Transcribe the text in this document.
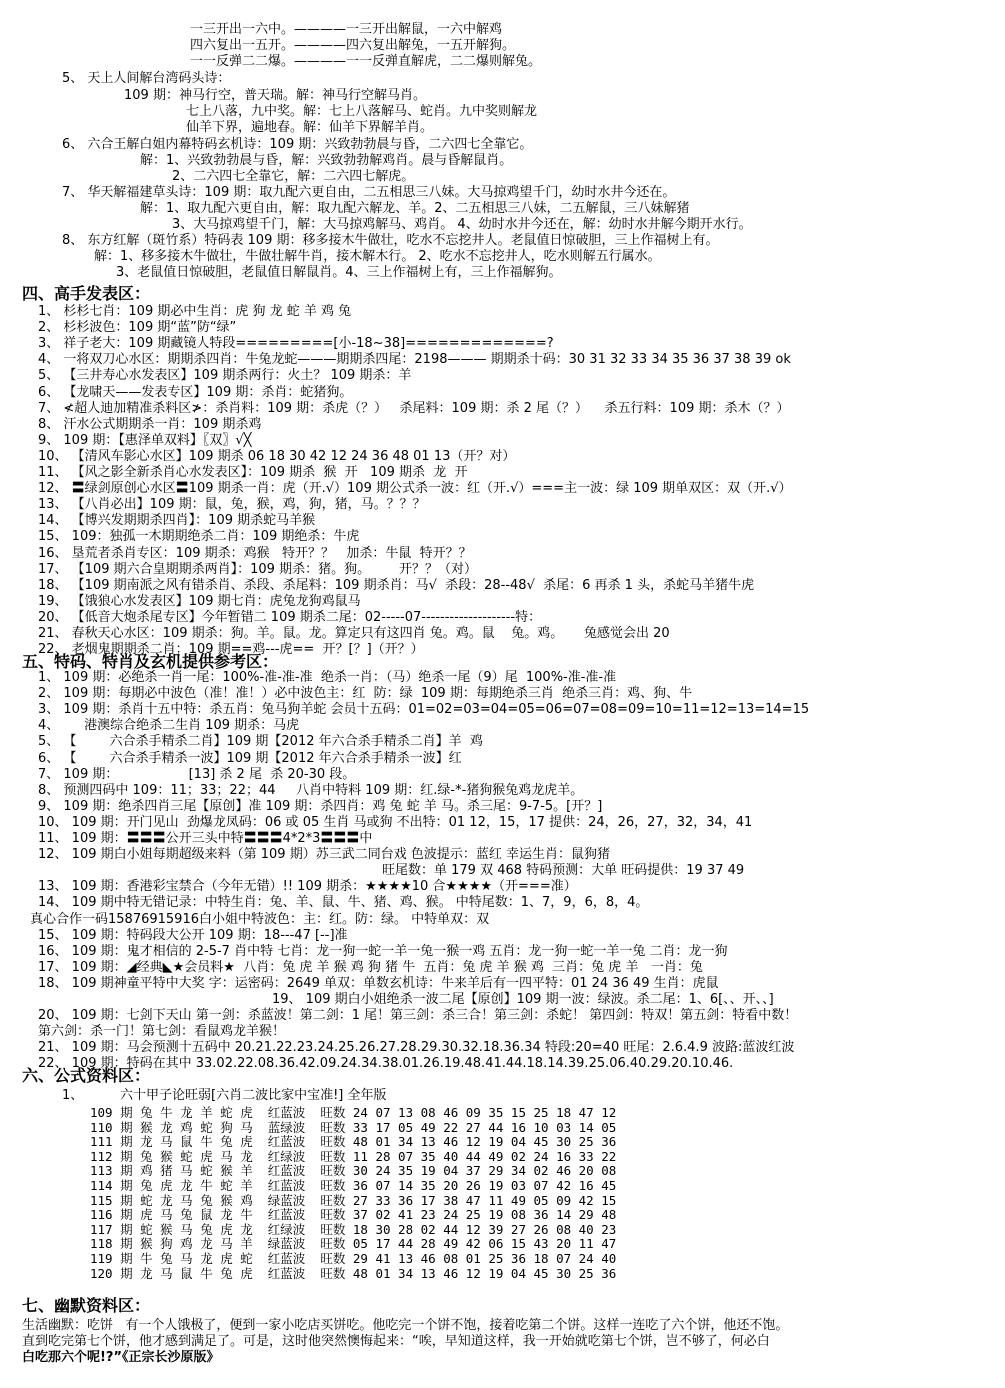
一三开出一六中。————一三开出解鼠，一六中解鸡
四六复出一五开。————四六复出解兔，一五开解狗。
一一反弹二二爆。————一一反弹直解虎，二二爆则解兔。
5、 天上人间解台湾码头诗：
109 期：神马行空，普天瑞。解：神马行空解马肖。
七上八落，九中奖。解：七上八落解马、蛇肖。九中奖则解龙
仙羊下界，遍地春。解：仙羊下界解羊肖。
6、 六合王解白姐内幕特码玄机诗：109 期：兴致勃勃晨与昏，二六四七全靠它。
解：1、兴致勃勃晨与昏，解：兴致勃勃解鸡肖。晨与昏解鼠肖。
2、二六四七全靠它，解：二六四七解虎。
7、 华天解福建草头诗：109 期：取九配六更自由，二五相思三八妹。大马掠鸡望千门，幼时水井今还在。
解：1、取九配六更自由，解：取九配六解龙、羊。2、二五相思三八妹，二五解鼠，三八妹解猪
3、大马掠鸡望千门，解：大马掠鸡解马、鸡肖。 4、幼时水井今还在，解：幼时水井解今期开水行。
8、 东方红解（斑竹系）特码表 109 期：移多接木牛做壮，吃水不忘挖井人。老鼠值日惊破胆，三上作福树上有。
解：1、移多接木牛做壮，牛做壮解牛肖，接木解木行。 2、吃水不忘挖井人，吃水则解五行属水。
3、老鼠值日惊破胆，老鼠值日解鼠肖。4、三上作福树上有，三上作福解狗。
四、高手发表区：
1、 杉杉七肖：109 期必中生肖：虎 狗 龙 蛇 羊 鸡 兔
2、 杉杉波色：109 期“蓝”防“绿”
3、 祥子老大：109 期藏镜人特段=========[小-18~38]=============?
4、 一将双刀心水区：期期杀四肖：牛兔龙蛇———期期杀四尾：2198——— 期期杀十码：30 31 32 33 34 35 36 37 38 39 ok
5、 【三井寿心水发表区】109 期杀两行：火土？ 109 期杀：羊
6、 【龙啸天——发表专区】109 期：杀肖：蛇猪狗。
7、 ≮超人迪加精准杀料区≯：杀肖料：109 期：杀虎（？）   杀尾料：109 期：杀 2 尾（？）    杀五行料：109 期：杀木（？）
8、 汗水公式期期杀一肖：109 期杀鸡
9、 109 期：【惠泽单双料】〖双〗√╳
10、 【清风车影心水区】109 期杀 06 18 30 42 12 24 36 48 01 13（开？对）
11、 【风之影全新杀肖心水发表区】：109 期杀  猴  开   109 期杀  龙  开
12、 〓绿剑原创心水区〓109 期杀一肖：虎（开.√）109 期公式杀一波：红（开.√）===主一波：绿 109 期单双区：双（开.√）
13、 【八肖必出】109 期：鼠，兔，猴，鸡，狗，猪，马。？？？
14、 【博兴发期期杀四肖】：109 期杀蛇马羊猴
15、 109：独孤一木期期绝杀二肖：109 期绝杀：牛虎
16、 垦荒者杀肖专区：109 期杀：鸡猴   特开？？   加杀：牛鼠  特开？？
17、 【109 期六合皇期期杀两肖】：109 期杀：猪。狗。       开？？（对）
18、 【109 期南派之风有错杀肖、杀段、杀尾料：109 期杀肖：马√  杀段：28--48√  杀尾：6 再杀 1 头，杀蛇马羊猪牛虎
19、 【饿狼心水发表区】109 期七肖：虎兔龙狗鸡鼠马
20、 【低音大炮杀尾专区】今年暂错二 109 期杀二尾：02-----07--------------------特：
21、 春秋天心水区：109 期杀：狗。羊。鼠。龙。算定只有这四肖 兔。鸡。鼠    兔。鸡。     兔感觉会出 20
22、 老烟鬼期期杀二肖：109 期==鸡---虎==  开？[？]（开？）
五、特码、特肖及玄机提供参考区：
1、 109 期：必绝杀一肖一尾：100%-准-准-准  绝杀一肖：（马）绝杀一尾（9）尾  100%-准-准-准
2、 109 期：每期必中波色（准！准！）必中波色主：红  防：绿  109 期：每期绝杀三肖  绝杀三肖：鸡、狗、牛
3、 109 期：杀肖十五中特：杀五肖：兔马狗羊蛇 会员十五码：01=02=03=04=05=06=07=08=09=10=11=12=13=14=15
4、      港澳综合绝杀二生肖 109 期杀：马虎
5、 【        六合杀手精杀二肖】109 期【2012 年六合杀手精杀二肖】羊  鸡
6、 【        六合杀手精杀一波】109 期【2012 年六合杀手精杀一波】红
7、 109 期：                 [13] 杀 2 尾  杀 20-30 段。
8、 预测四码中 109：11；33；22；44     八肖中特料 109 期：红.绿-*-猪狗猴兔鸡龙虎羊。
9、 109 期：绝杀四肖三尾【原创】准 109 期：杀四肖：鸡 兔 蛇 羊 马。杀三尾：9-7-5。[开？]
10、 109 期：开门见山  劲爆龙凤码：06 或 05 生肖 马或狗 不出特：01 12，15，17 提供：24，26，27，32，34，41
11、 109 期：〓〓〓公开三头中特〓〓〓4*2*3〓〓〓中
12、 109 期白小姐每期超级来料（第 109 期）苏三武二同台戏 色波提示：蓝红 幸运生肖：鼠狗猪
旺尾数：单 179 双 468 特码预测：大单 旺码提供：19 37 49
13、 109 期：香港彩宝禁合（今年无错）!! 109 期杀：★★★★10 合★★★★（开===准）
14、 109 期中特无错记录：中特生肖：兔、羊、鼠、牛、猪、鸡、猴。 中特尾数：1、7，9，6，8，4。
真心合作一码15876915916白小姐中特波色：主：红。防：绿。 中特单双：双
15、 109 期：特码段大公开 109 期：18---47 [--]准
16、 109 期：鬼才相信的 2-5-7 肖中特 七肖：龙一狗一蛇一羊一兔一猴一鸡 五肖：龙一狗一蛇一羊一兔 二肖：龙一狗
17、 109 期：◢经典◣★会员料★  八肖：兔 虎 羊 猴 鸡 狗 猪 牛  五肖：兔 虎 羊 猴 鸡  三肖：兔 虎 羊   一肖：兔
18、 109 期神童平特中大奖 字：运密码：2649 单双：单数玄机诗：牛来羊后有一四平特：01 24 36 49 生肖：虎鼠
19、 109 期白小姐绝杀一波二尾【原创】109 期一波：绿波。杀二尾：1、6[、、开、、]
20、 109 期：七剑下天山 第一剑：杀蓝波！第二剑：1 尾！第三剑：杀三合！第三剑：杀蛇！ 第四剑：特双！第五剑：特看中数！
第六剑：杀一门！第七剑：看鼠鸡龙羊猴！
21、 109 期：马会预测十五码中 20.21.22.23.24.25.26.27.28.29.30.32.18.36.34 特段:20=40 旺尾：2.6.4.9 波路:蓝波红波
22、 109 期：特码在其中 33.02.22.08.36.42.09.24.34.38.01.26.19.48.41.44.18.14.39.25.06.40.29.20.10.46.
六、公式资料区：
1、	六十甲子论旺弱[六肖二波比家中宝准!] 全年版
109 期 兔 牛 龙 羊 蛇 虎  红蓝波  旺数 24 07 13 08 46 09 35 15 25 18 47 12
110 期 猴 龙 鸡 蛇 狗 马  蓝绿波  旺数 33 17 05 49 22 27 44 16 10 03 14 05
111 期 龙 马 鼠 牛 兔 虎  红蓝波  旺数 48 01 34 13 46 12 19 04 45 30 25 36
112 期 兔 猴 蛇 虎 马 龙  红绿波  旺数 11 28 07 35 40 44 49 02 24 16 33 22
113 期 鸡 猪 马 蛇 猴 羊  红蓝波  旺数 30 24 35 19 04 37 29 34 02 46 20 08
114 期 兔 虎 龙 牛 蛇 羊  红蓝波  旺数 36 07 14 35 20 26 19 03 07 42 16 45
115 期 蛇 龙 马 兔 猴 鸡  绿蓝波  旺数 27 33 36 17 38 47 11 49 05 09 42 15
116 期 虎 马 兔 鼠 龙 牛  红蓝波  旺数 37 02 41 23 24 25 19 08 36 14 29 48
117 期 蛇 猴 马 兔 虎 龙  红绿波  旺数 18 30 28 02 44 12 39 27 26 08 40 23
118 期 猴 狗 鸡 龙 马 羊  绿蓝波  旺数 05 17 44 28 49 42 06 15 43 20 11 47
119 期 牛 兔 马 龙 虎 蛇  红蓝波  旺数 29 41 13 46 08 01 25 36 18 07 24 40
120 期 龙 马 鼠 牛 兔 虎  红蓝波  旺数 48 01 34 13 46 12 19 04 45 30 25 36
七、幽默资料区：
生活幽默：吃饼   有一个人饿极了，便到一家小吃店买饼吃。他吃完一个饼不饱，接着吃第二个饼。这样一连吃了六个饼，他还不饱。
直到吃完第七个饼，他才感到满足了。可是，这时他突然懊悔起来：“唉，早知道这样，我一开始就吃第七个饼，岂不够了，何必白
白吃那六个呢!?”《正宗长沙原版》
